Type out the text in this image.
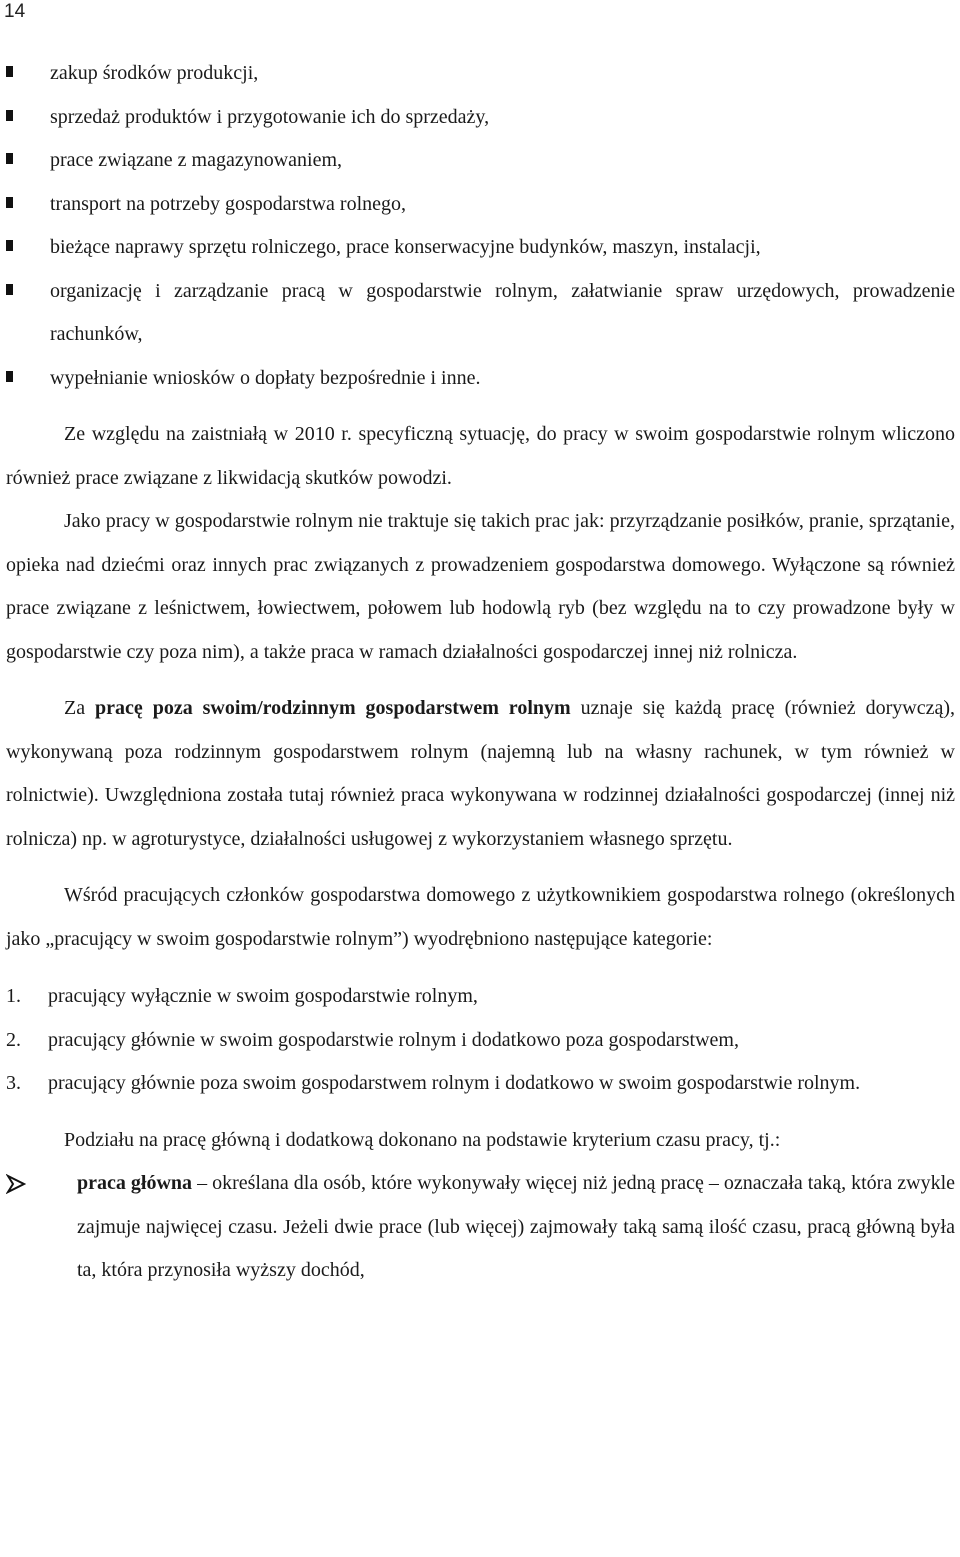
14
zakup środków produkcji,
sprzedaż produktów i przygotowanie ich do sprzedaży,
prace związane z magazynowaniem,
transport na potrzeby gospodarstwa rolnego,
bieżące naprawy sprzętu rolniczego, prace konserwacyjne budynków, maszyn, instalacji,
organizację i zarządzanie pracą w gospodarstwie rolnym, załatwianie spraw urzędowych, prowadzenie rachunków,
wypełnianie wniosków o dopłaty bezpośrednie i inne.

Ze względu na zaistniałą w 2010 r. specyficzną sytuację, do pracy w swoim gospodarstwie rolnym wliczono również prace związane z likwidacją skutków powodzi.

Jako pracy w gospodarstwie rolnym nie traktuje się takich prac jak: przyrządzanie posiłków, pranie, sprzątanie, opieka nad dziećmi oraz innych prac związanych z prowadzeniem gospodarstwa domowego. Wyłączone są również prace związane z leśnictwem, łowiectwem, połowem lub hodowlą ryb (bez względu na to czy prowadzone były w gospodarstwie czy poza nim), a także praca w ramach działalności gospodarczej innej niż rolnicza.

Za pracę poza swoim/rodzinnym gospodarstwem rolnym uznaje się każdą pracę (również dorywczą), wykonywaną poza rodzinnym gospodarstwem rolnym (najemną lub na własny rachunek, w tym również w rolnictwie). Uwzględniona została tutaj również praca wykonywana w rodzinnej działalności gospodarczej (innej niż rolnicza) np. w agroturystyce, działalności usługowej z wykorzystaniem własnego sprzętu.

Wśród pracujących członków gospodarstwa domowego z użytkownikiem gospodarstwa rolnego (określonych jako „pracujący w swoim gospodarstwie rolnym”) wyodrębniono następujące kategorie:

1. pracujący wyłącznie w swoim gospodarstwie rolnym,
2. pracujący głównie w swoim gospodarstwie rolnym i dodatkowo poza gospodarstwem,
3. pracujący głównie poza swoim gospodarstwem rolnym i dodatkowo w swoim gospodarstwie rolnym.

Podziału na pracę główną i dodatkową dokonano na podstawie kryterium czasu pracy, tj.:

praca główna – określana dla osób, które wykonywały więcej niż jedną pracę – oznaczała taką, która zwykle zajmuje najwięcej czasu. Jeżeli dwie prace (lub więcej) zajmowały taką samą ilość czasu, pracą główną była ta, która przynosiła wyższy dochód,
